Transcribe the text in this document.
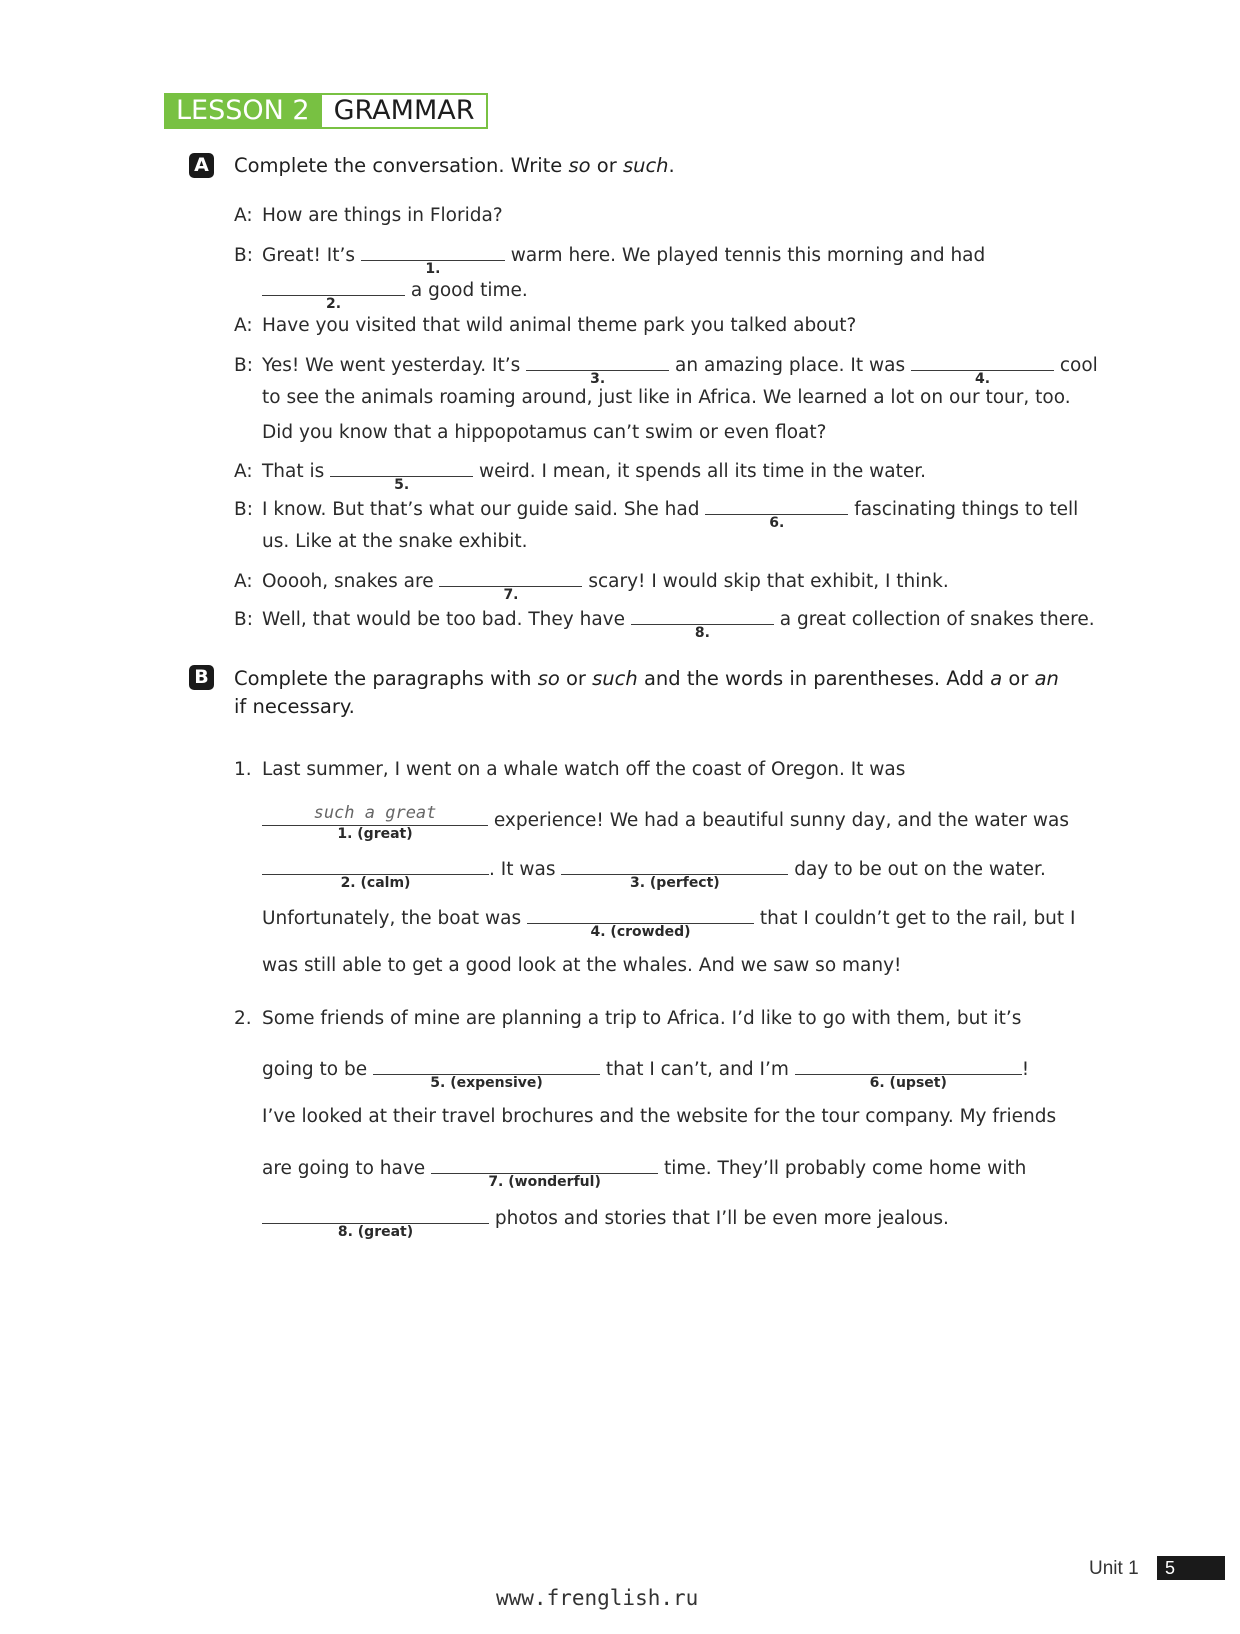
LESSON 2 GRAMMAR
A Complete the conversation. Write so or such.
A: How are things in Florida?
B: Great! It’s
1.
warm here. We played tennis this morning and had
2.
a good time.
A: Have you visited that wild animal theme park you talked about?
B: Yes! We went yesterday. It’s
3.
an amazing place. It was
4.
cool
to see the animals roaming around, just like in Africa. We learned a lot on our tour, too.
Did you know that a hippopotamus can’t swim or even float?
A: That is
5.
weird. I mean, it spends all its time in the water.
B: I know. But that’s what our guide said. She had
6.
fascinating things to tell
us. Like at the snake exhibit.
A: Ooooh, snakes are
7.
scary! I would skip that exhibit, I think.
B: Well, that would be too bad. They have
8.
a great collection of snakes there.
B Complete the paragraphs with so or such and the words in parentheses. Add a or an
if necessary.
1. Last summer, I went on a whale watch off the coast of Oregon. It was
such a great
1. (great)
experience! We had a beautiful sunny day, and the water was
2. (calm)
. It was
3. (perfect)
day to be out on the water.
Unfortunately, the boat was
4. (crowded)
that I couldn’t get to the rail, but I
was still able to get a good look at the whales. And we saw so many!
2. Some friends of mine are planning a trip to Africa. I’d like to go with them, but it’s
going to be
5. (expensive)
that I can’t, and I’m
6. (upset)
!
I’ve looked at their travel brochures and the website for the tour company. My friends
are going to have
7. (wonderful)
time. They’ll probably come home with
8. (great)
photos and stories that I’ll be even more jealous.
Unit 1	5
www.frenglish.ru
